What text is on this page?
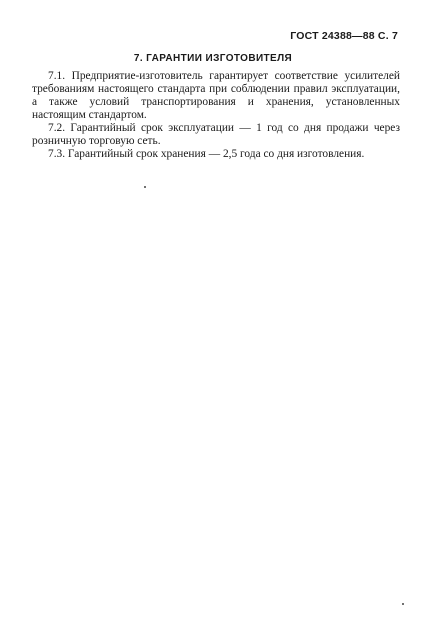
ГОСТ 24388—88 С. 7
7. ГАРАНТИИ ИЗГОТОВИТЕЛЯ

7.1. Предприятие-изготовитель гарантирует соответствие усилителей требованиям настоящего стандарта при соблюдении правил эксплуатации, а также условий транспортирования и хранения, установленных настоящим стандартом.

7.2. Гарантийный срок эксплуатации — 1 год со дня продажи через розничную торговую сеть.

7.3. Гарантийный срок хранения — 2,5 года со дня изготовления.
